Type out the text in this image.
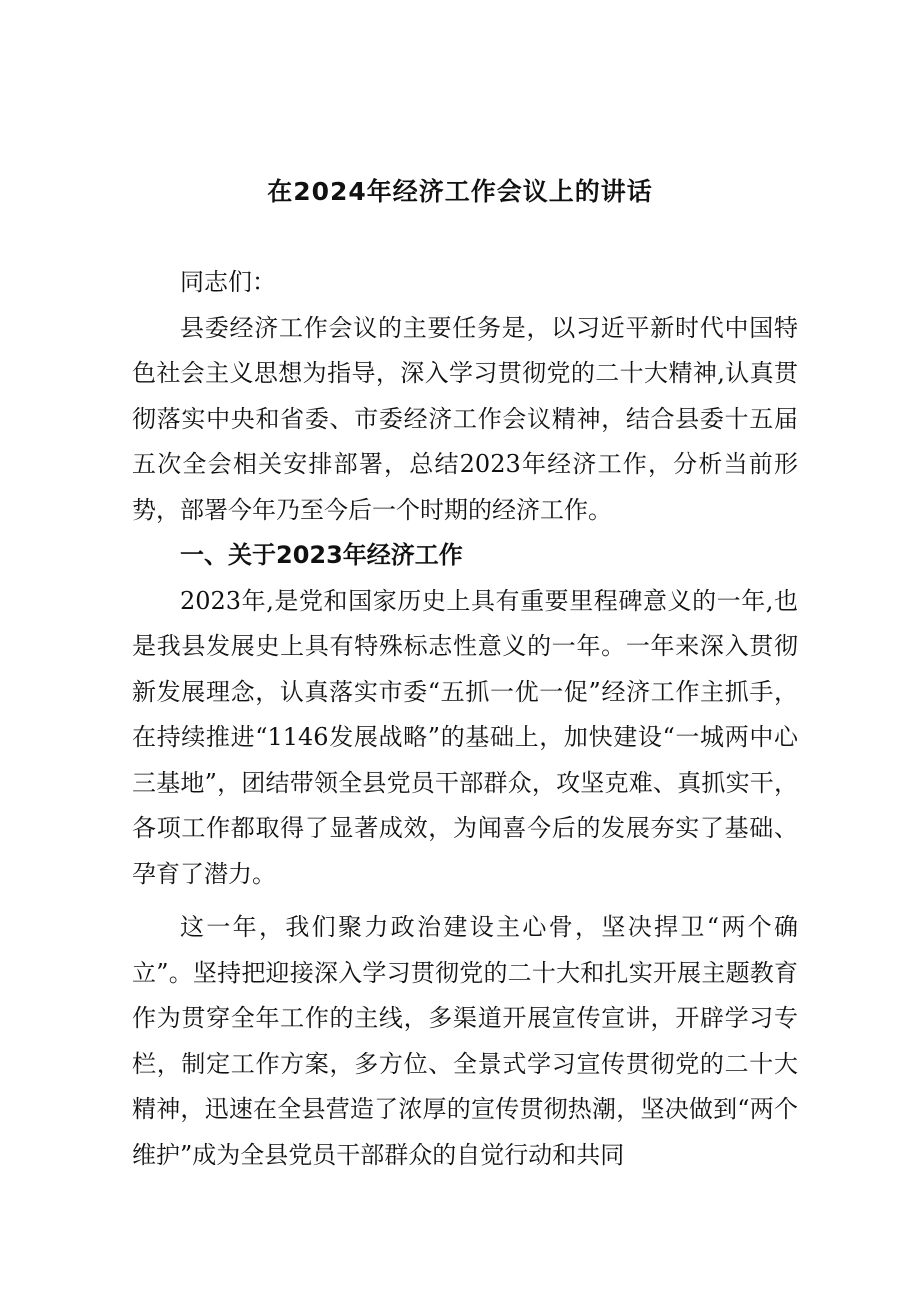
在2024年经济工作会议上的讲话

同志们：

县委经济工作会议的主要任务是，以习近平新时代中国特色社会主义思想为指导，深入学习贯彻党的二十大精神,认真贯彻落实中央和省委、市委经济工作会议精神，结合县委十五届五次全会相关安排部署，总结2023年经济工作，分析当前形势，部署今年乃至今后一个时期的经济工作。

一、关于2023年经济工作

2023年,是党和国家历史上具有重要里程碑意义的一年,也是我县发展史上具有特殊标志性意义的一年。一年来深入贯彻新发展理念，认真落实市委“五抓一优一促”经济工作主抓手，在持续推进“1146发展战略”的基础上，加快建设“一城两中心三基地”，团结带领全县党员干部群众，攻坚克难、真抓实干，各项工作都取得了显著成效，为闻喜今后的发展夯实了基础、孕育了潜力。

这一年，我们聚力政治建设主心骨，坚决捍卫“两个确立”。坚持把迎接深入学习贯彻党的二十大和扎实开展主题教育作为贯穿全年工作的主线，多渠道开展宣传宣讲，开辟学习专栏，制定工作方案，多方位、全景式学习宣传贯彻党的二十大精神，迅速在全县营造了浓厚的宣传贯彻热潮，坚决做到“两个维护”成为全县党员干部群众的自觉行动和共同
